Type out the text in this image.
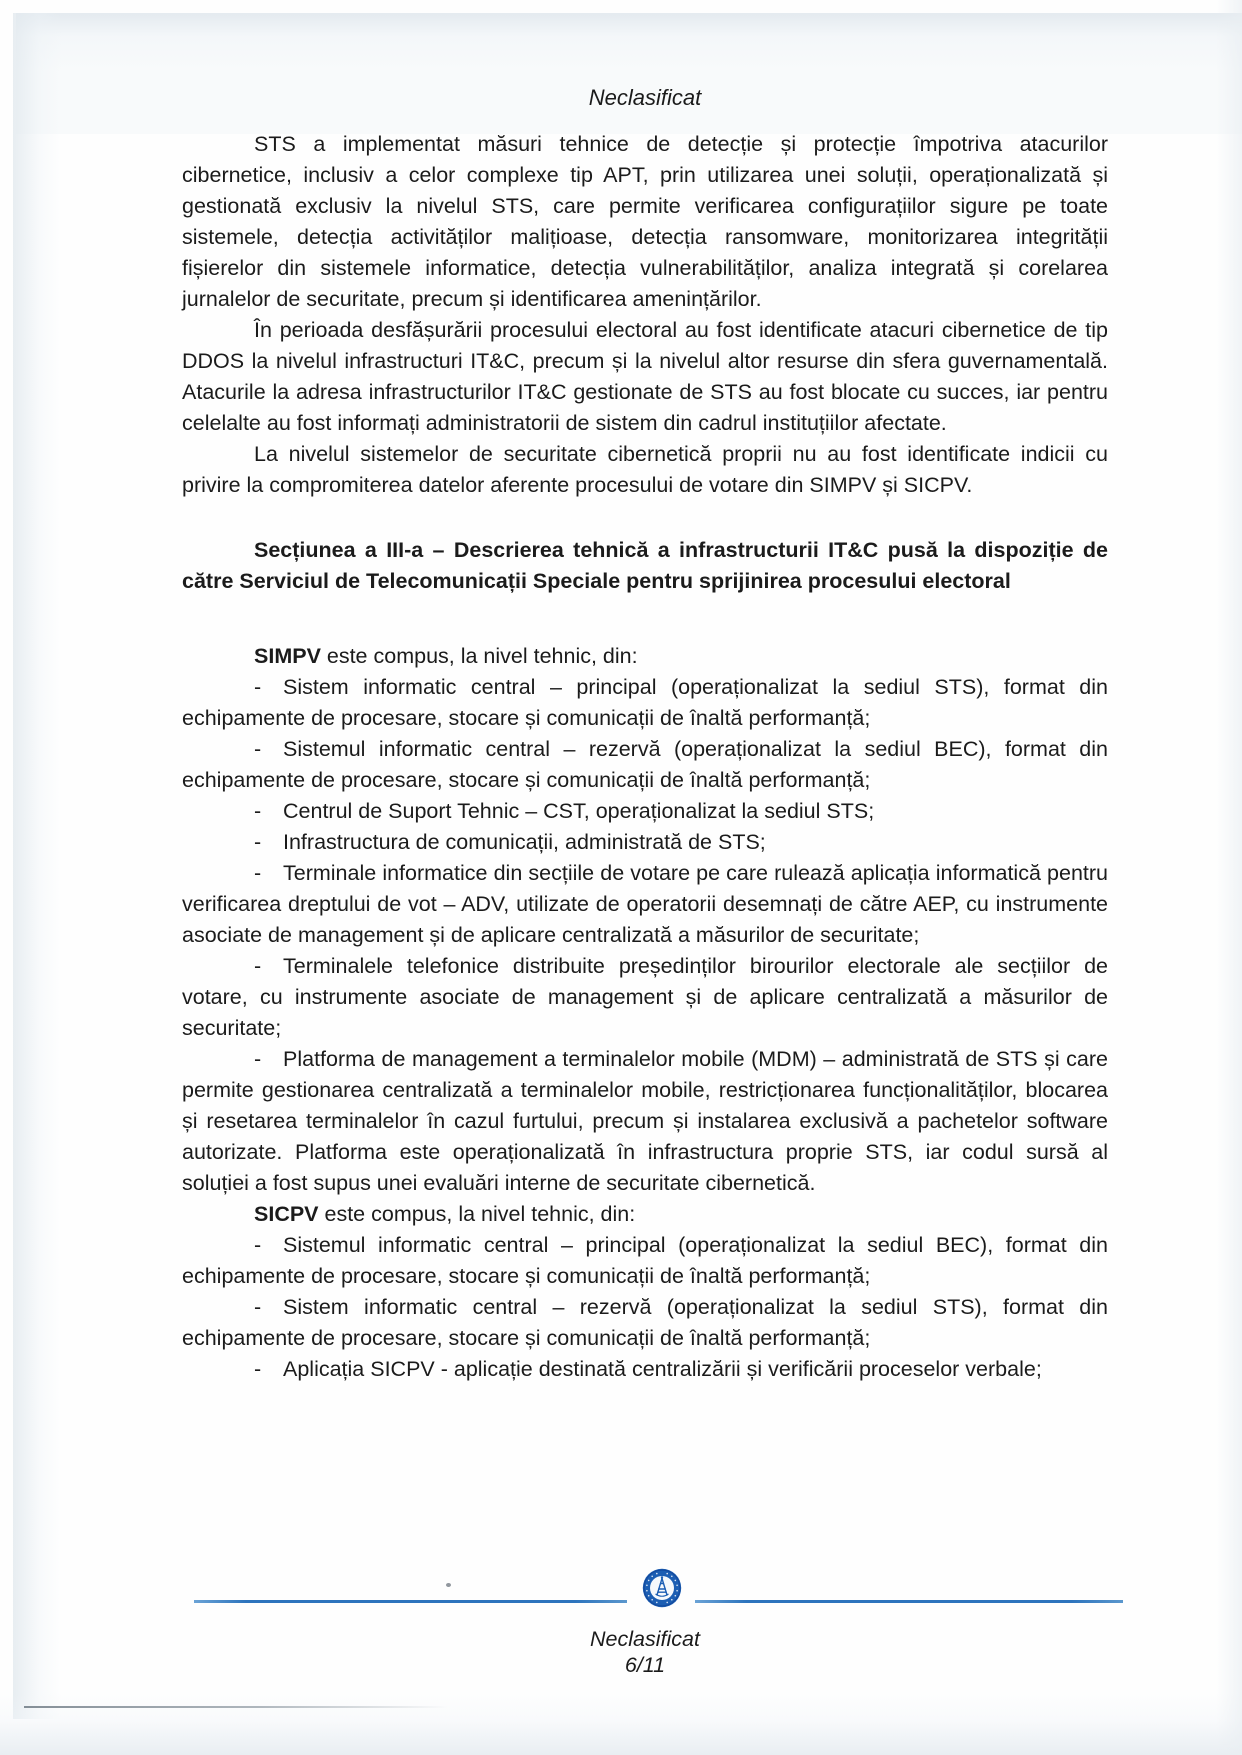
Neclasificat

STS a implementat măsuri tehnice de detecție și protecție împotriva atacurilor cibernetice, inclusiv a celor complexe tip APT, prin utilizarea unei soluții, operaționalizată și gestionată exclusiv la nivelul STS, care permite verificarea configurațiilor sigure pe toate sistemele, detecția activităților malițioase, detecția ransomware, monitorizarea integrității fișierelor din sistemele informatice, detecția vulnerabilităților, analiza integrată și corelarea jurnalelor de securitate, precum și identificarea amenințărilor.

În perioada desfășurării procesului electoral au fost identificate atacuri cibernetice de tip DDOS la nivelul infrastructuri IT&C, precum și la nivelul altor resurse din sfera guvernamentală. Atacurile la adresa infrastructurilor IT&C gestionate de STS au fost blocate cu succes, iar pentru celelalte au fost informați administratorii de sistem din cadrul instituțiilor afectate.

La nivelul sistemelor de securitate cibernetică proprii nu au fost identificate indicii cu privire la compromiterea datelor aferente procesului de votare din SIMPV și SICPV.

Secțiunea a III-a – Descrierea tehnică a infrastructurii IT&C pusă la dispoziție de către Serviciul de Telecomunicații Speciale pentru sprijinirea procesului electoral

SIMPV este compus, la nivel tehnic, din:

- Sistem informatic central – principal (operaționalizat la sediul STS), format din echipamente de procesare, stocare și comunicații de înaltă performanță;

- Sistemul informatic central – rezervă (operaționalizat la sediul BEC), format din echipamente de procesare, stocare și comunicații de înaltă performanță;

- Centrul de Suport Tehnic – CST, operaționalizat la sediul STS;

- Infrastructura de comunicații, administrată de STS;

- Terminale informatice din secțiile de votare pe care rulează aplicația informatică pentru verificarea dreptului de vot – ADV, utilizate de operatorii desemnați de către AEP, cu instrumente asociate de management și de aplicare centralizată a măsurilor de securitate;

- Terminalele telefonice distribuite președinților birourilor electorale ale secțiilor de votare, cu instrumente asociate de management și de aplicare centralizată a măsurilor de securitate;

- Platforma de management a terminalelor mobile (MDM) – administrată de STS și care permite gestionarea centralizată a terminalelor mobile, restricționarea funcționalităților, blocarea și resetarea terminalelor în cazul furtului, precum și instalarea exclusivă a pachetelor software autorizate. Platforma este operaționalizată în infrastructura proprie STS, iar codul sursă al soluției a fost supus unei evaluări interne de securitate cibernetică.

SICPV este compus, la nivel tehnic, din:

- Sistemul informatic central – principal (operaționalizat la sediul BEC), format din echipamente de procesare, stocare și comunicații de înaltă performanță;

- Sistem informatic central – rezervă (operaționalizat la sediul STS), format din echipamente de procesare, stocare și comunicații de înaltă performanță;

- Aplicația SICPV - aplicație destinată centralizării și verificării proceselor verbale;

Neclasificat
6/11
